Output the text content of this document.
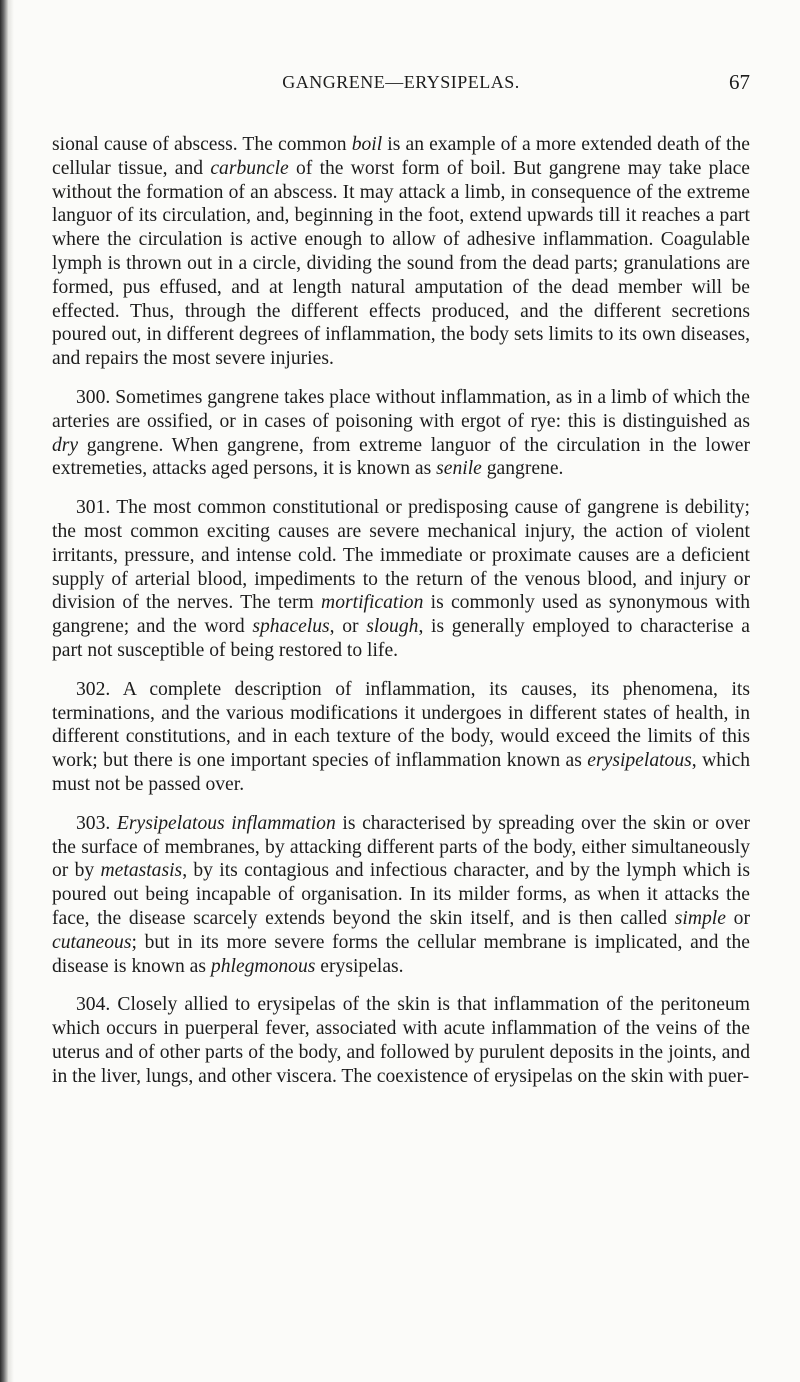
GANGRENE—ERYSIPELAS.	67

sional cause of abscess. The common boil is an example of a more extended death of the cellular tissue, and carbuncle of the worst form of boil. But gangrene may take place without the formation of an abscess. It may attack a limb, in consequence of the extreme languor of its circulation, and, beginning in the foot, extend upwards till it reaches a part where the circulation is active enough to allow of adhesive inflammation. Coagulable lymph is thrown out in a circle, dividing the sound from the dead parts; granulations are formed, pus effused, and at length natural amputation of the dead member will be effected. Thus, through the different effects produced, and the different secretions poured out, in different degrees of inflammation, the body sets limits to its own diseases, and repairs the most severe injuries.

300. Sometimes gangrene takes place without inflammation, as in a limb of which the arteries are ossified, or in cases of poisoning with ergot of rye: this is distinguished as dry gangrene. When gangrene, from extreme languor of the circulation in the lower extremeties, attacks aged persons, it is known as senile gangrene.

301. The most common constitutional or predisposing cause of gangrene is debility; the most common exciting causes are severe mechanical injury, the action of violent irritants, pressure, and intense cold. The immediate or proximate causes are a deficient supply of arterial blood, impediments to the return of the venous blood, and injury or division of the nerves. The term mortification is commonly used as synonymous with gangrene; and the word sphacelus, or slough, is generally employed to characterise a part not susceptible of being restored to life.

302. A complete description of inflammation, its causes, its phenomena, its terminations, and the various modifications it undergoes in different states of health, in different constitutions, and in each texture of the body, would exceed the limits of this work; but there is one important species of inflammation known as erysipelatous, which must not be passed over.

303. Erysipelatous inflammation is characterised by spreading over the skin or over the surface of membranes, by attacking different parts of the body, either simultaneously or by metastasis, by its contagious and infectious character, and by the lymph which is poured out being incapable of organisation. In its milder forms, as when it attacks the face, the disease scarcely extends beyond the skin itself, and is then called simple or cutaneous; but in its more severe forms the cellular membrane is implicated, and the disease is known as phlegmonous erysipelas.

304. Closely allied to erysipelas of the skin is that inflammation of the peritoneum which occurs in puerperal fever, associated with acute inflammation of the veins of the uterus and of other parts of the body, and followed by purulent deposits in the joints, and in the liver, lungs, and other viscera. The coexistence of erysipelas on the skin with puer-
